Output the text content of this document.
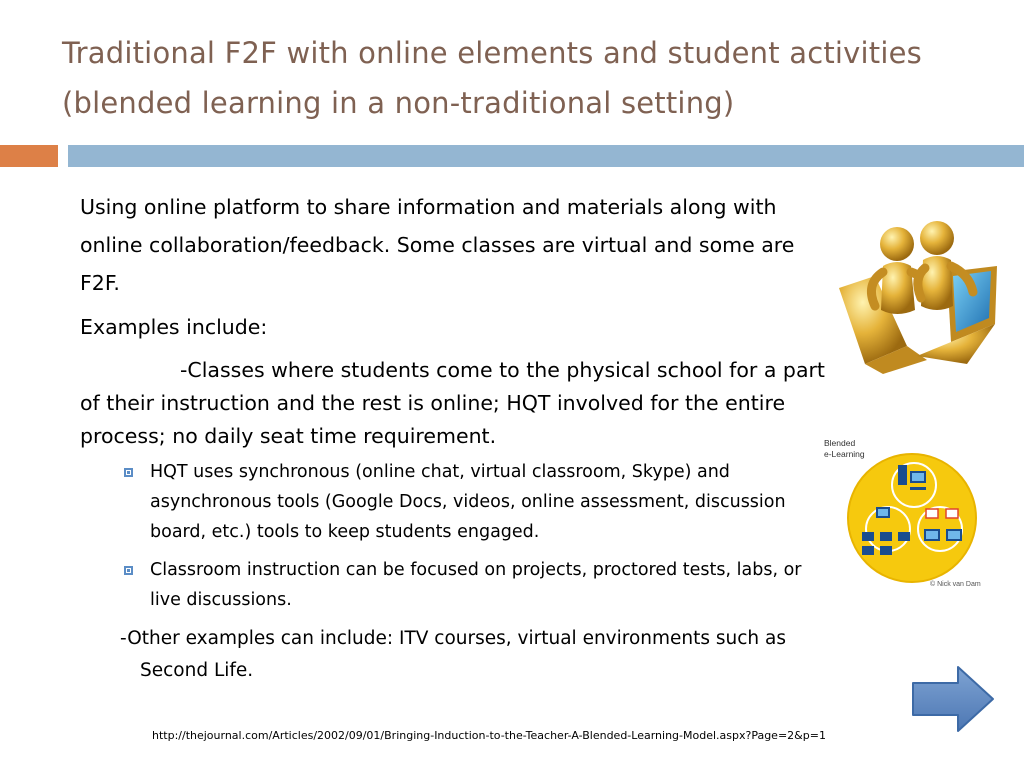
Traditional F2F with online elements and student activities
(blended learning in a non-traditional setting)

Using online platform to share information and materials along with online collaboration/feedback. Some classes are virtual and some are F2F.

Examples include:

-Classes where students come to the physical school for a part of their instruction and the rest is online; HQT involved for the entire process; no daily seat time requirement.

HQT uses synchronous (online chat, virtual classroom, Skype) and asynchronous tools (Google Docs, videos, online assessment, discussion board, etc.) tools to keep students engaged.
Classroom instruction can be focused on projects, proctored tests, labs, or live discussions.

-Other examples can include: ITV courses, virtual environments such as Second Life.

http://thejournal.com/Articles/2002/09/01/Bringing-Induction-to-the-Teacher-A-Blended-Learning-Model.aspx?Page=2&p=1
Blended
e-Learning
© Nick van Dam
